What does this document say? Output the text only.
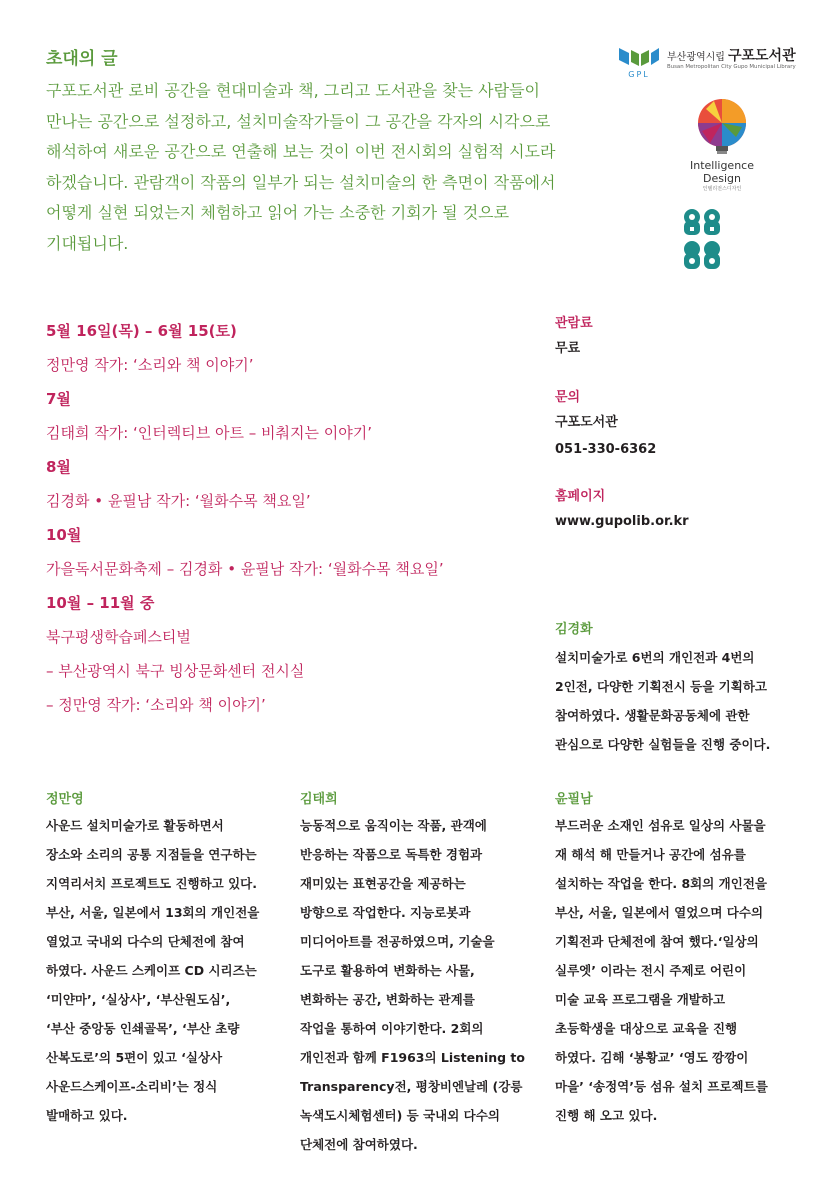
초대의 글
구포도서관 로비 공간을 현대미술과 책, 그리고 도서관을 찾는 사람들이
만나는 공간으로 설정하고, 설치미술작가들이 그 공간을 각자의 시각으로
해석하여 새로운 공간으로 연출해 보는 것이 이번 전시회의 실험적 시도라
하겠습니다. 관람객이 작품의 일부가 되는 설치미술의 한 측면이 작품에서
어떻게 실현 되었는지 체험하고 읽어 가는 소중한 기회가 될 것으로
기대됩니다.
GPL
부산광역시립 구포도서관
Busan Metropolitan City Gupo Municipal Library
Intelligence
Design
인텔리전스디자인
5월 16일(목) – 6월 15(토)
정만영 작가: ‘소리와 책 이야기’
7월
김태희 작가: ‘인터렉티브 아트 – 비춰지는 이야기’
8월
김경화 • 윤필남 작가: ‘월화수목 책요일’
10월
가을독서문화축제 – 김경화 • 윤필남 작가: ‘월화수목 책요일’
10월 – 11월 중
북구평생학습페스티벌
– 부산광역시 북구 빙상문화센터 전시실
– 정만영 작가: ‘소리와 책 이야기’
관람료
무료
문의
구포도서관
051-330-6362
홈페이지
www.gupolib.or.kr
김경화
설치미술가로 6번의 개인전과 4번의
2인전, 다양한 기획전시 등을 기획하고
참여하였다. 생활문화공동체에 관한
관심으로 다양한 실험들을 진행 중이다.
정만영
사운드 설치미술가로 활동하면서
장소와 소리의 공통 지점들을 연구하는
지역리서치 프로젝트도 진행하고 있다.
부산, 서울, 일본에서 13회의 개인전을
열었고 국내외 다수의 단체전에 참여
하였다. 사운드 스케이프 CD 시리즈는
‘미얀마’, ‘실상사’, ‘부산원도심’,
‘부산 중앙동 인쇄골목’, ‘부산 초량
산복도로’의 5편이 있고 ‘실상사
사운드스케이프-소리비’는 정식
발매하고 있다.
김태희
능동적으로 움직이는 작품, 관객에
반응하는 작품으로 독특한 경험과
재미있는 표현공간을 제공하는
방향으로 작업한다. 지능로봇과
미디어아트를 전공하였으며, 기술을
도구로 활용하여 변화하는 사물,
변화하는 공간, 변화하는 관계를
작업을 통하여 이야기한다. 2회의
개인전과 함께 F1963의 Listening to
Transparency전, 평창비엔날레 (강릉
녹색도시체험센터) 등 국내외 다수의
단체전에 참여하였다.
윤필남
부드러운 소재인 섬유로 일상의 사물을
재 해석 해 만들거나 공간에 섬유를
설치하는 작업을 한다. 8회의 개인전을
부산, 서울, 일본에서 열었으며 다수의
기획전과 단체전에 참여 했다.‘일상의
실루엣’ 이라는 전시 주제로 어린이
미술 교육 프로그램을 개발하고
초등학생을 대상으로 교육을 진행
하였다. 김해 ‘봉황교’ ‘영도 깡깡이
마을’ ‘송정역’등 섬유 설치 프로젝트를
진행 해 오고 있다.
